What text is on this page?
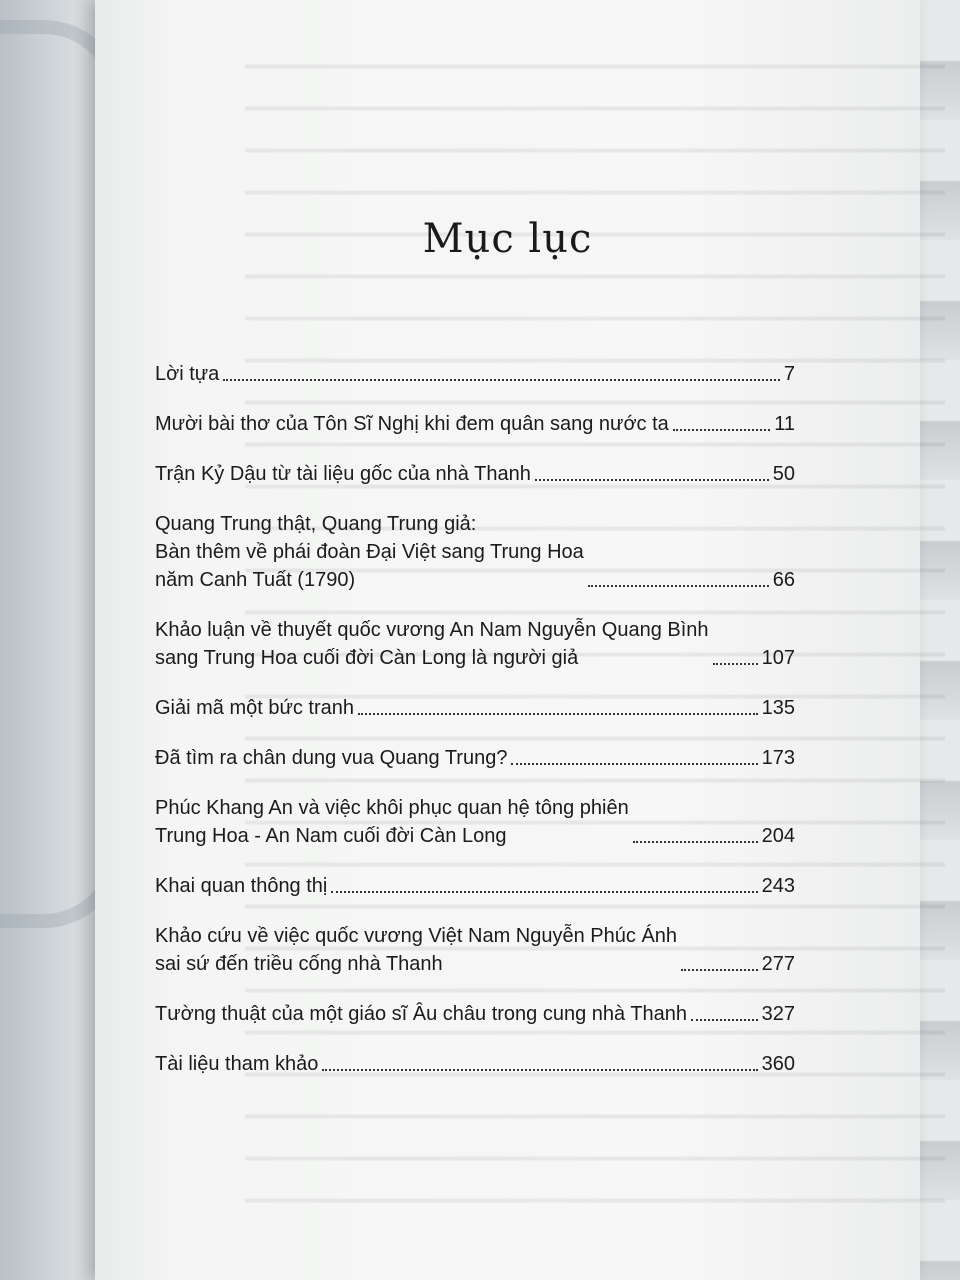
Mục lục
Lời tựa	7
Mười bài thơ của Tôn Sĩ Nghị khi đem quân sang nước ta	11
Trận Kỷ Dậu từ tài liệu gốc của nhà Thanh	50
Quang Trung thật, Quang Trung giả:
Bàn thêm về phái đoàn Đại Việt sang Trung Hoa
năm Canh Tuất (1790)	66
Khảo luận về thuyết quốc vương An Nam Nguyễn Quang Bình
sang Trung Hoa cuối đời Càn Long là người giả	107
Giải mã một bức tranh	135
Đã tìm ra chân dung vua Quang Trung?	173
Phúc Khang An và việc khôi phục quan hệ tông phiên
Trung Hoa - An Nam cuối đời Càn Long	204
Khai quan thông thị	243
Khảo cứu về việc quốc vương Việt Nam Nguyễn Phúc Ánh
sai sứ đến triều cống nhà Thanh	277
Tường thuật của một giáo sĩ Âu châu trong cung nhà Thanh	327
Tài liệu tham khảo	360
